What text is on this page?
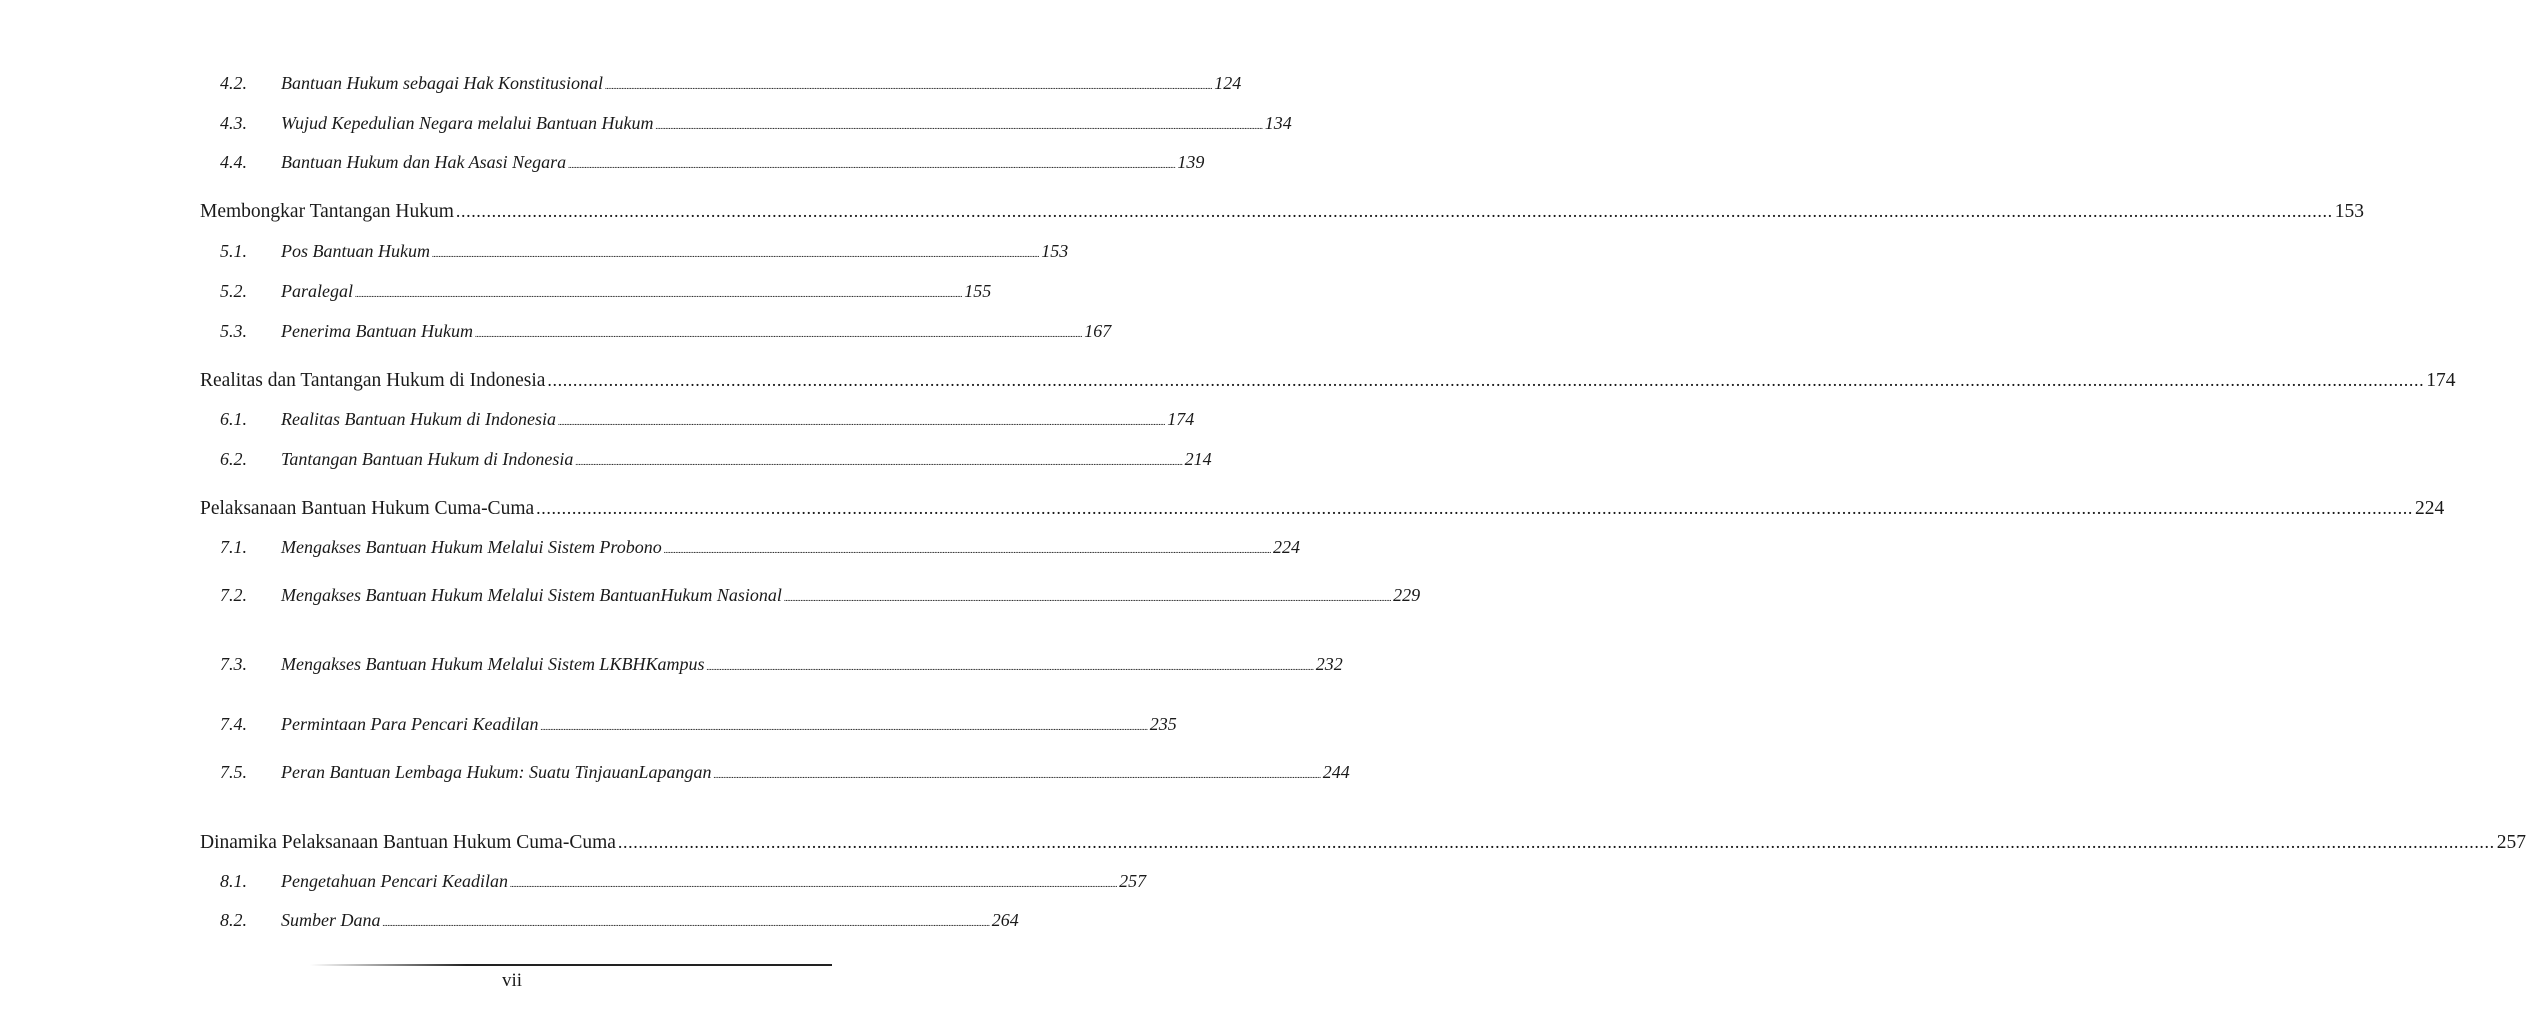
4.2.	Bantuan Hukum sebagai Hak Konstitusional .....	124
4.3.	Wujud Kepedulian Negara melalui Bantuan Hukum .....	134
4.4.	Bantuan Hukum dan Hak Asasi Negara .....	139
Membongkar Tantangan Hukum .....	153
5.1.	Pos Bantuan Hukum .....	153
5.2.	Paralegal .....	155
5.3.	Penerima Bantuan Hukum .....	167
Realitas dan Tantangan Hukum di Indonesia .....	174
6.1.	Realitas Bantuan Hukum di Indonesia .....	174
6.2.	Tantangan Bantuan Hukum di Indonesia .....	214
Pelaksanaan Bantuan Hukum Cuma-Cuma .....	224
7.1.	Mengakses Bantuan Hukum Melalui Sistem Probono .....	224
7.2.	Mengakses Bantuan Hukum Melalui Sistem Bantuan Hukum Nasional .....	229
7.3.	Mengakses Bantuan Hukum Melalui Sistem LKBH Kampus .....	232
7.4.	Permintaan Para Pencari Keadilan .....	235
7.5.	Peran Bantuan Lembaga Hukum: Suatu Tinjauan Lapangan .....	244
Dinamika Pelaksanaan Bantuan Hukum Cuma-Cuma .....	257
8.1.	Pengetahuan Pencari Keadilan .....	257
8.2.	Sumber Dana .....	264
vii
